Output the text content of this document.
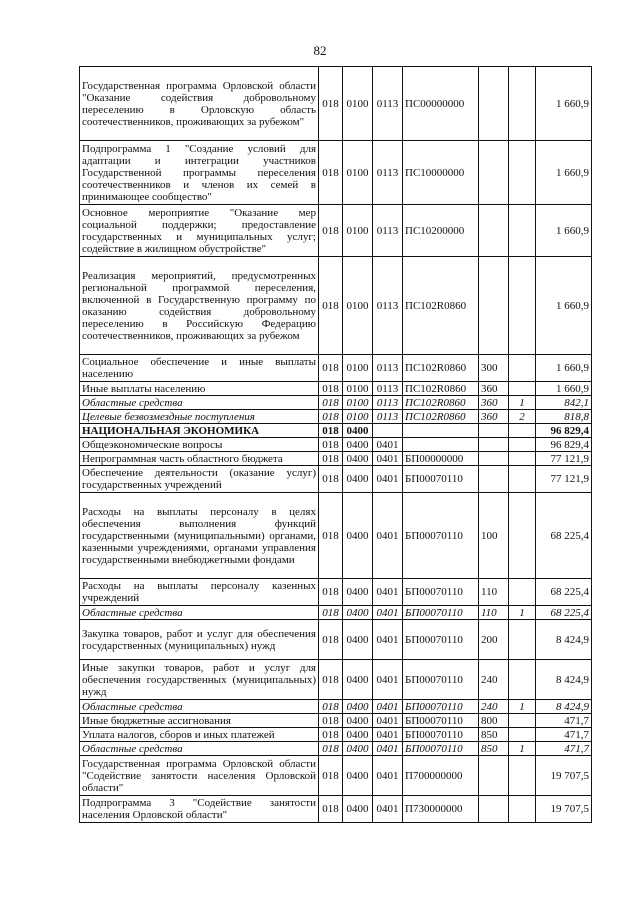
82
Государственная программа Орловской области "Оказание содействия добровольному переселению в Орловскую область соотечественников, проживающих за рубежом"	018	0100	0113	ПС00000000			1 660,9
Подпрограмма 1 "Создание условий для адаптации и интеграции участников Государственной программы переселения соотечественников и членов их семей в принимающее сообщество"	018	0100	0113	ПС10000000			1 660,9
Основное мероприятие "Оказание мер социальной поддержки; предоставление государственных и муниципальных услуг; содействие в жилищном обустройстве"	018	0100	0113	ПС10200000			1 660,9
Реализация мероприятий, предусмотренных региональной программой переселения, включенной в Государственную программу по оказанию содействия добровольному переселению в Российскую Федерацию соотечественников, проживающих за рубежом	018	0100	0113	ПС102R0860			1 660,9
Социальное обеспечение и иные выплаты населению	018	0100	0113	ПС102R0860	300		1 660,9
Иные выплаты населению	018	0100	0113	ПС102R0860	360		1 660,9
Областные средства	018	0100	0113	ПС102R0860	360	1	842,1
Целевые безвозмездные поступления	018	0100	0113	ПС102R0860	360	2	818,8
НАЦИОНАЛЬНАЯ ЭКОНОМИКА	018	0400					96 829,4
Общеэкономические вопросы	018	0400	0401				96 829,4
Непрограммная часть областного бюджета	018	0400	0401	БП00000000			77 121,9
Обеспечение деятельности (оказание услуг) государственных учреждений	018	0400	0401	БП00070110			77 121,9
Расходы на выплаты персоналу в целях обеспечения выполнения функций государственными (муниципальными) органами, казенными учреждениями, органами управления государственными внебюджетными фондами	018	0400	0401	БП00070110	100		68 225,4
Расходы на выплаты персоналу казенных учреждений	018	0400	0401	БП00070110	110		68 225,4
Областные средства	018	0400	0401	БП00070110	110	1	68 225,4
Закупка товаров, работ и услуг для обеспечения государственных (муниципальных) нужд	018	0400	0401	БП00070110	200		8 424,9
Иные закупки товаров, работ и услуг для обеспечения государственных (муниципальных) нужд	018	0400	0401	БП00070110	240		8 424,9
Областные средства	018	0400	0401	БП00070110	240	1	8 424,9
Иные бюджетные ассигнования	018	0400	0401	БП00070110	800		471,7
Уплата налогов, сборов и иных платежей	018	0400	0401	БП00070110	850		471,7
Областные средства	018	0400	0401	БП00070110	850	1	471,7
Государственная программа Орловской области "Содействие занятости населения Орловской области"	018	0400	0401	П700000000			19 707,5
Подпрограмма 3 "Содействие занятости населения Орловской области"	018	0400	0401	П730000000			19 707,5
